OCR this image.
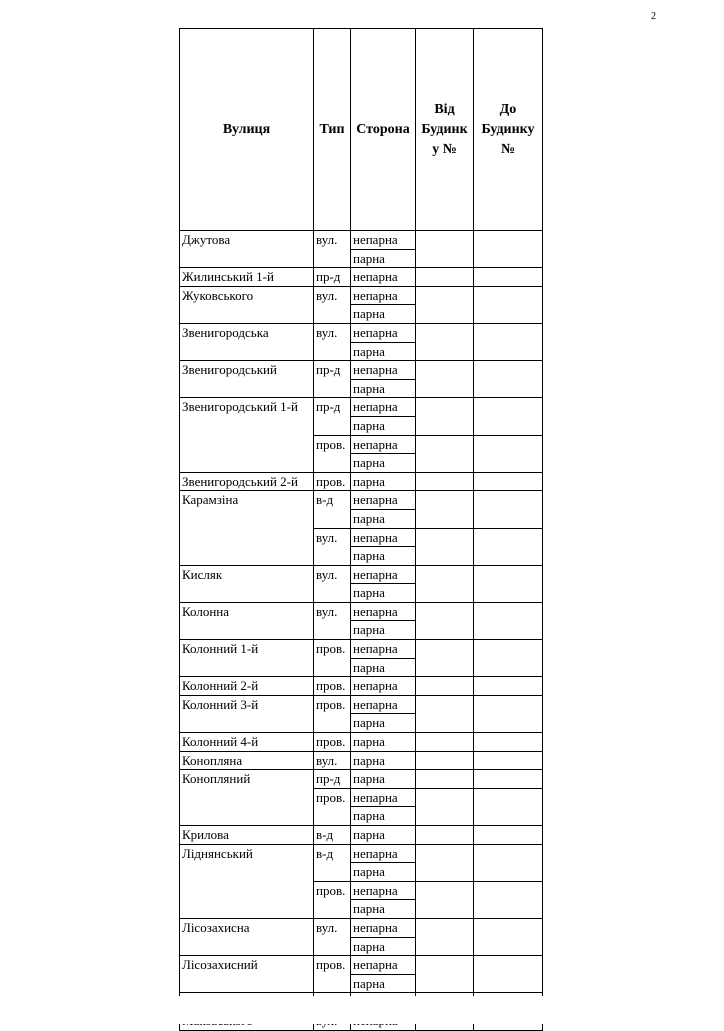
2
Вулиця	Тип	Сторона	Від Будинк у №	До Будинку №
Джутова	вул.	непарна		
		парна		
Жилинський 1-й	пр-д	непарна		
Жуковського	вул.	непарна		
		парна		
Звенигородська	вул.	непарна		
		парна		
Звенигородський	пр-д	непарна		
		парна		
Звенигородський 1-й	пр-д	непарна		
		парна		
	пров.	непарна		
		парна		
Звенигородський 2-й	пров.	парна		
Карамзіна	в-д	непарна		
		парна		
	вул.	непарна		
		парна		
Кисляк	вул.	непарна		
		парна		
Колонна	вул.	непарна		
		парна		
Колонний 1-й	пров.	непарна		
		парна		
Колонний 2-й	пров.	непарна		
Колонний 3-й	пров.	непарна		
		парна		
Колонний 4-й	пров.	парна		
Конопляна	вул.	парна		
Конопляний	пр-д	парна		
	пров.	непарна		
		парна		
Крилова	в-д	парна		
Ліднянський	в-д	непарна		
		парна		
	пров.	непарна		
		парна		
Лісозахисна	вул.	непарна		
		парна		
Лісозахисний	пров.	непарна		
		парна		
